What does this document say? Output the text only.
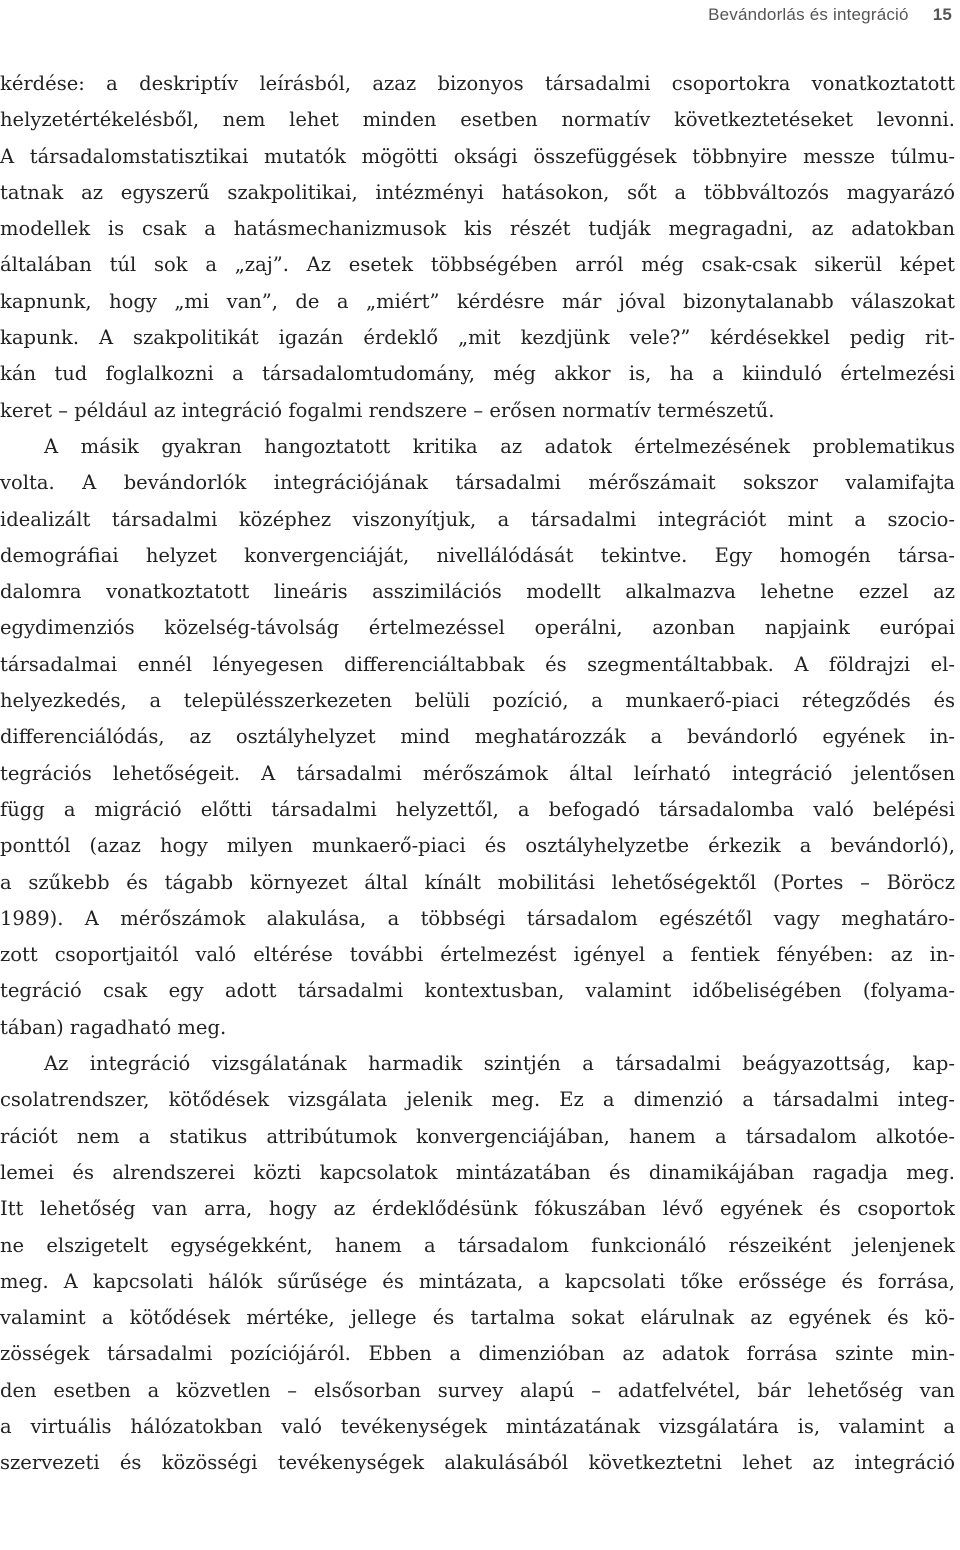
Bevándorlás és integráció 15
kérdése: a deskriptív leírásból, azaz bizonyos társadalmi csoportokra vonatkoztatott
helyzetértékelésből, nem lehet minden esetben normatív következtetéseket levonni.
A társadalomstatisztikai mutatók mögötti oksági összefüggések többnyire messze túlmu-
tatnak az egyszerű szakpolitikai, intézményi hatásokon, sőt a többváltozós magyarázó
modellek is csak a hatásmechanizmusok kis részét tudják megragadni, az adatokban
általában túl sok a „zaj”. Az esetek többségében arról még csak-csak sikerül képet
kapnunk, hogy „mi van”, de a „miért” kérdésre már jóval bizonytalanabb válaszokat
kapunk. A szakpolitikát igazán érdeklő „mit kezdjünk vele?” kérdésekkel pedig rit-
kán tud foglalkozni a társadalomtudomány, még akkor is, ha a kiinduló értelmezési
keret – például az integráció fogalmi rendszere – erősen normatív természetű.
A másik gyakran hangoztatott kritika az adatok értelmezésének problematikus
volta. A bevándorlók integrációjának társadalmi mérőszámait sokszor valamifajta
idealizált társadalmi középhez viszonyítjuk, a társadalmi integrációt mint a szocio-
demográfiai helyzet konvergenciáját, nivellálódását tekintve. Egy homogén társa-
dalomra vonatkoztatott lineáris asszimilációs modellt alkalmazva lehetne ezzel az
egydimenziós közelség-távolság értelmezéssel operálni, azonban napjaink európai
társadalmai ennél lényegesen differenciáltabbak és szegmentáltabbak. A földrajzi el-
helyezkedés, a településszerkezeten belüli pozíció, a munkaerő-piaci rétegződés és
differenciálódás, az osztályhelyzet mind meghatározzák a bevándorló egyének in-
tegrációs lehetőségeit. A társadalmi mérőszámok által leírható integráció jelentősen
függ a migráció előtti társadalmi helyzettől, a befogadó társadalomba való belépési
ponttól (azaz hogy milyen munkaerő-piaci és osztályhelyzetbe érkezik a bevándorló),
a szűkebb és tágabb környezet által kínált mobilitási lehetőségektől (Portes – Böröcz
1989). A mérőszámok alakulása, a többségi társadalom egészétől vagy meghatáro-
zott csoportjaitól való eltérése további értelmezést igényel a fentiek fényében: az in-
tegráció csak egy adott társadalmi kontextusban, valamint időbeliségében (folyama-
tában) ragadható meg.
Az integráció vizsgálatának harmadik szintjén a társadalmi beágyazottság, kap-
csolatrendszer, kötődések vizsgálata jelenik meg. Ez a dimenzió a társadalmi integ-
rációt nem a statikus attribútumok konvergenciájában, hanem a társadalom alkotóe-
lemei és alrendszerei közti kapcsolatok mintázatában és dinamikájában ragadja meg.
Itt lehetőség van arra, hogy az érdeklődésünk fókuszában lévő egyének és csoportok
ne elszigetelt egységekként, hanem a társadalom funkcionáló részeiként jelenjenek
meg. A kapcsolati hálók sűrűsége és mintázata, a kapcsolati tőke erőssége és forrása,
valamint a kötődések mértéke, jellege és tartalma sokat elárulnak az egyének és kö-
zösségek társadalmi pozíciójáról. Ebben a dimenzióban az adatok forrása szinte min-
den esetben a közvetlen – elsősorban survey alapú – adatfelvétel, bár lehetőség van
a virtuális hálózatokban való tevékenységek mintázatának vizsgálatára is, valamint a
szervezeti és közösségi tevékenységek alakulásából következtetni lehet az integráció
